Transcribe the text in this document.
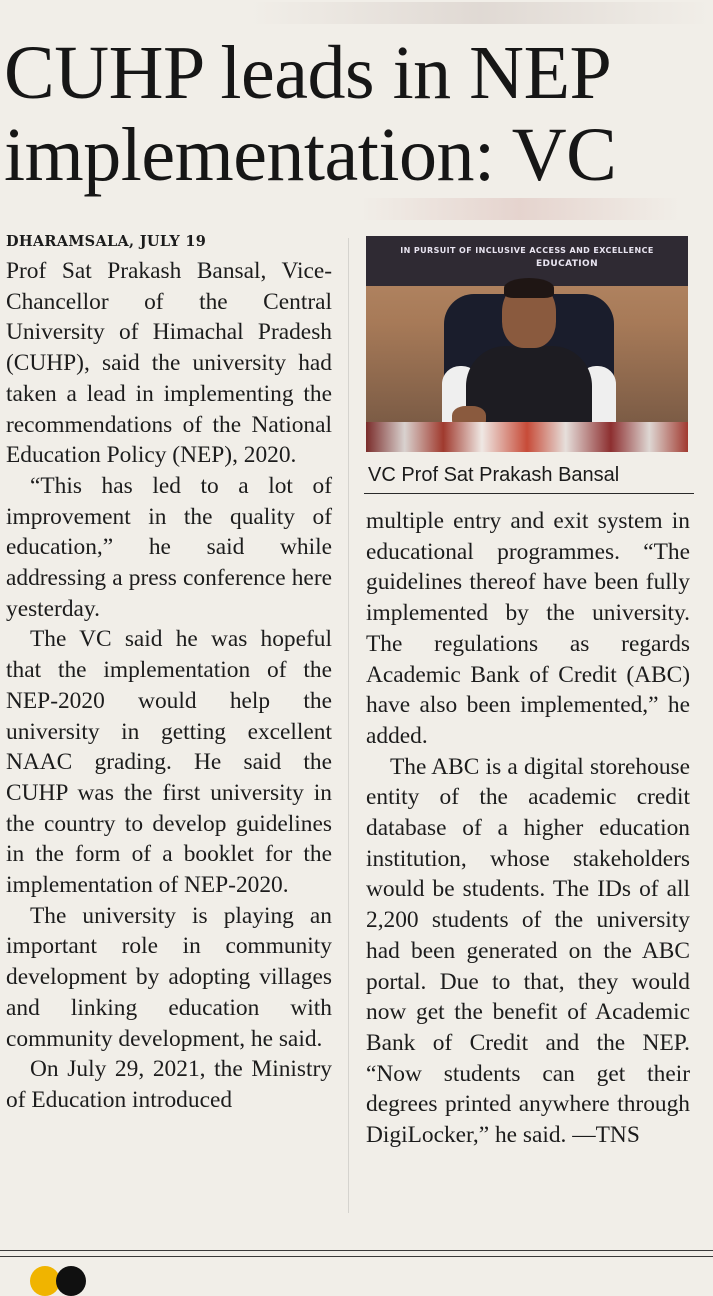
CUHP leads in NEP
implementation: VC
DHARAMSALA, JULY 19

Prof Sat Prakash Bansal, Vice-Chancellor of the Central University of Himachal Pradesh (CUHP), said the university had taken a lead in implementing the recommendations of the National Education Policy (NEP), 2020.

“This has led to a lot of improvement in the quality of education,” he said while addressing a press conference here yesterday.

The VC said he was hopeful that the implementation of the NEP-2020 would help the university in getting excellent NAAC grading. He said the CUHP was the first university in the country to develop guidelines in the form of a booklet for the implementation of NEP-2020.

The university is playing an important role in community development by adopting villages and linking education with community development, he said.

On July 29, 2021, the Ministry of Education introduced

IN PURSUIT OF INCLUSIVE ACCESS AND EXCELLENCE
EDUCATION

VC Prof Sat Prakash Bansal

multiple entry and exit system in educational programmes. “The guidelines thereof have been fully implemented by the university. The regulations as regards Academic Bank of Credit (ABC) have also been implemented,” he added.

The ABC is a digital storehouse entity of the academic credit database of a higher education institution, whose stakeholders would be students. The IDs of all 2,200 students of the university had been generated on the ABC portal. Due to that, they would now get the benefit of Academic Bank of Credit and the NEP. “Now students can get their degrees printed anywhere through DigiLocker,” he said. —TNS
